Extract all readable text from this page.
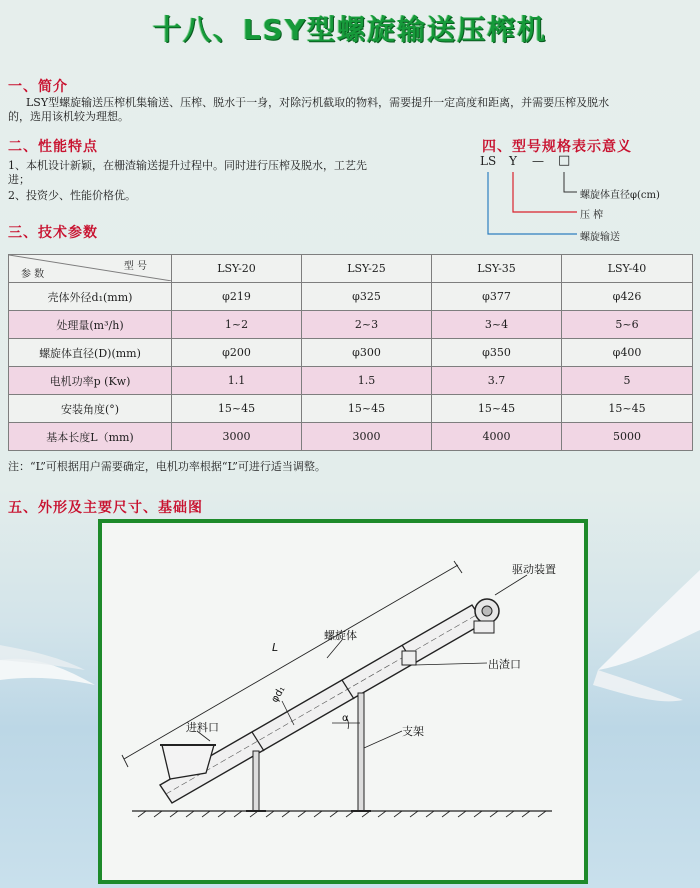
十八、LSY型螺旋输送压榨机
一、简介
LSY型螺旋输送压榨机集输送、压榨、脱水于一身，对除污机截取的物料，需要提升一定高度和距离，并需要压榨及脱水
的，选用该机较为理想。
二、性能特点
1、本机设计新颖，在栅渣输送提升过程中。同时进行压榨及脱水，工艺先
进；
2、投资少、性能价格优。
四、型号规格表示意义
LS Y — □
螺旋体直径φ(cm)
压 榨
螺旋输送
三、技术参数
型 号
参 数	LSY-20	LSY-25	LSY-35	LSY-40
壳体外径d₁(mm)	φ219	φ325	φ377	φ426
处理量(m³/h)	1~2	2~3	3~4	5~6
螺旋体直径(D)(mm)	φ200	φ300	φ350	φ400
电机功率p (Kw)	1.1	1.5	3.7	5
安装角度(°)	15~45	15~45	15~45	15~45
基本长度L（mm)	3000	3000	4000	5000
注：“L”可根据用户需要确定，电机功率根据“L”可进行适当调整。
五、外形及主要尺寸、基础图
驱动装置
L
螺旋体
出渣口
φd₁
α
进料口	支架
